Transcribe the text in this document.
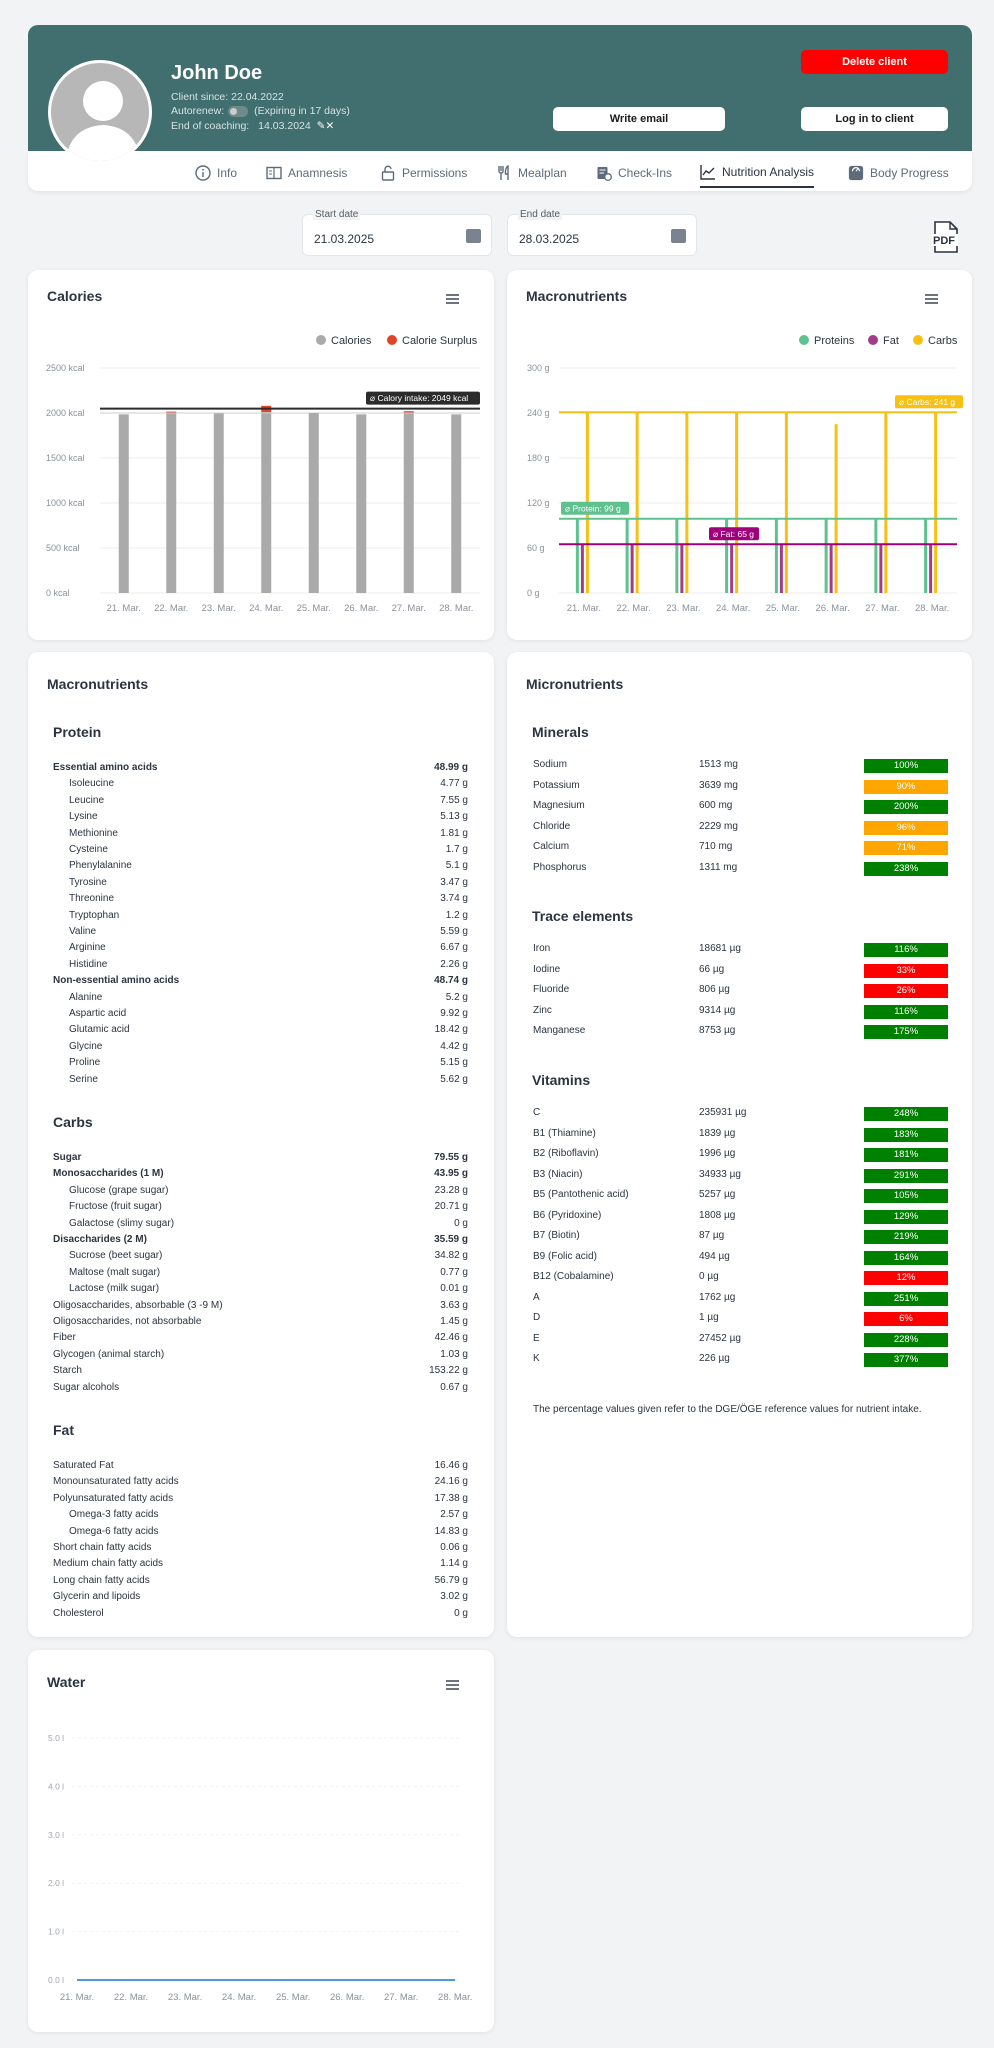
John Doe
Client since: 22.04.2022
Autorenew:	(Expiring in 17 days)
End of coaching: 14.03.2024 ✎✕
Delete client
Write email	Log in to client
Info	Anamnesis	Permissions	Mealplan	Check-Ins	Nutrition Analysis	Body Progress
Start date
21.03.2025
End date
28.03.2025	PDF
Calories
Calories	Calorie Surplus
2500 kcal
2000 kcal
1500 kcal
1000 kcal
500 kcal
0 kcal
21. Mar. 22. Mar. 23. Mar. 24. Mar. 25. Mar. 26. Mar. 27. Mar. 28. Mar.
⌀ Calory intake: 2049 kcal
Macronutrients
Proteins	Fat	Carbs
300 g
240 g
180 g
120 g
60 g
0 g
21. Mar. 22. Mar. 23. Mar. 24. Mar. 25. Mar. 26. Mar. 27. Mar. 28. Mar.
⌀ Protein: 99 g
⌀ Fat: 65 g
⌀ Carbs: 241 g
Macronutrients
Protein
Essential amino acids	48.99 g
Isoleucine	4.77 g
Leucine	7.55 g
Lysine	5.13 g
Methionine	1.81 g
Cysteine	1.7 g
Phenylalanine	5.1 g
Tyrosine	3.47 g
Threonine	3.74 g
Tryptophan	1.2 g
Valine	5.59 g
Arginine	6.67 g
Histidine	2.26 g
Non-essential amino acids	48.74 g
Alanine	5.2 g
Aspartic acid	9.92 g
Glutamic acid	18.42 g
Glycine	4.42 g
Proline	5.15 g
Serine	5.62 g
Carbs
Sugar	79.55 g
Monosaccharides (1 M)	43.95 g
Glucose (grape sugar)	23.28 g
Fructose (fruit sugar)	20.71 g
Galactose (slimy sugar)	0 g
Disaccharides (2 M)	35.59 g
Sucrose (beet sugar)	34.82 g
Maltose (malt sugar)	0.77 g
Lactose (milk sugar)	0.01 g
Oligosaccharides, absorbable (3 -9 M)	3.63 g
Oligosaccharides, not absorbable	1.45 g
Fiber	42.46 g
Glycogen (animal starch)	1.03 g
Starch	153.22 g
Sugar alcohols	0.67 g
Fat
Saturated Fat	16.46 g
Monounsaturated fatty acids	24.16 g
Polyunsaturated fatty acids	17.38 g
Omega-3 fatty acids	2.57 g
Omega-6 fatty acids	14.83 g
Short chain fatty acids	0.06 g
Medium chain fatty acids	1.14 g
Long chain fatty acids	56.79 g
Glycerin and lipoids	3.02 g
Cholesterol	0 g
Micronutrients
Minerals
Sodium	1513 mg	100%
Potassium	3639 mg	90%
Magnesium	600 mg	200%
Chloride	2229 mg	96%
Calcium	710 mg	71%
Phosphorus	1311 mg	238%
Trace elements
Iron	18681 µg	116%
Iodine	66 µg	33%
Fluoride	806 µg	26%
Zinc	9314 µg	116%
Manganese	8753 µg	175%
Vitamins
C	235931 µg	248%
B1 (Thiamine)	1839 µg	183%
B2 (Riboflavin)	1996 µg	181%
B3 (Niacin)	34933 µg	291%
B5 (Pantothenic acid)	5257 µg	105%
B6 (Pyridoxine)	1808 µg	129%
B7 (Biotin)	87 µg	219%
B9 (Folic acid)	494 µg	164%
B12 (Cobalamine)	0 µg	12%
A	1762 µg	251%
D	1 µg	6%
E	27452 µg	228%
K	226 µg	377%
The percentage values given refer to the DGE/ÖGE reference values for nutrient intake.
Water
5.0 l
4.0 l
3.0 l
2.0 l
1.0 l
0.0 l
21. Mar. 22. Mar. 23. Mar. 24. Mar. 25. Mar. 26. Mar. 27. Mar. 28. Mar.
